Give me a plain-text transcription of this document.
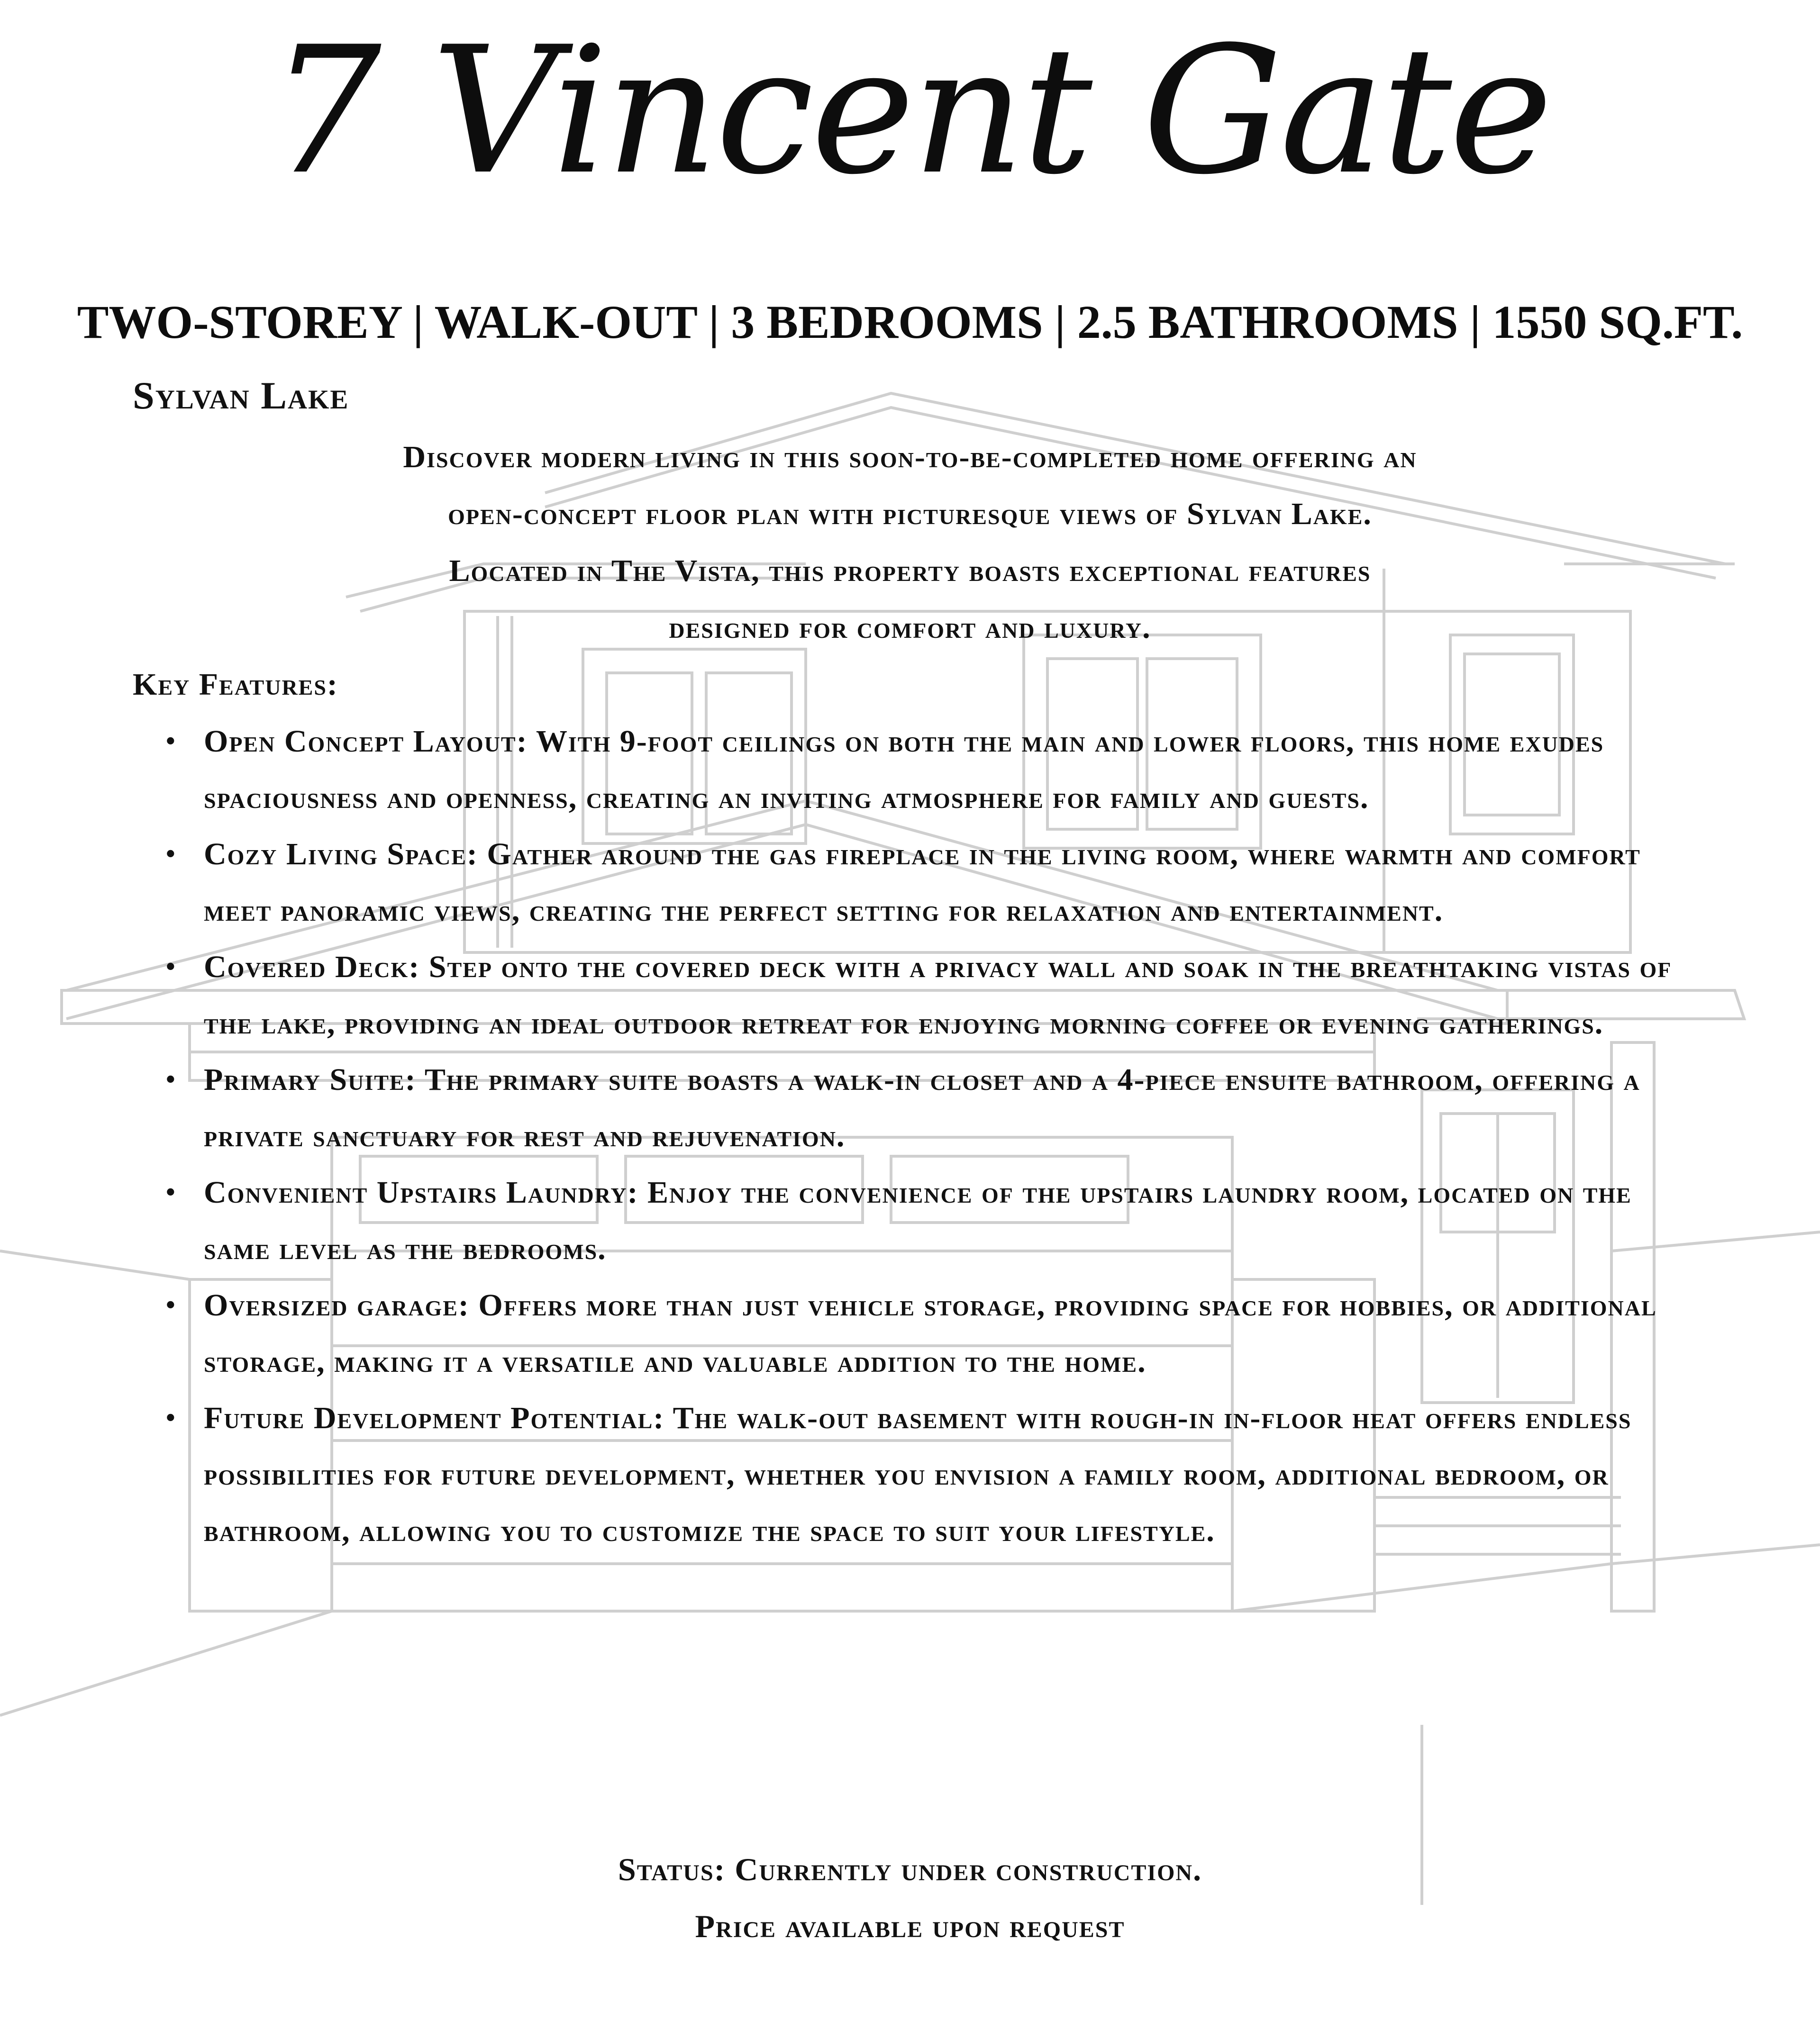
7 Vincent Gate
TWO-STOREY | WALK-OUT | 3 BEDROOMS | 2.5 BATHROOMS | 1550 SQ.FT.
Sylvan Lake
Discover modern living in this soon-to-be-completed home offering an
open-concept floor plan with picturesque views of Sylvan Lake.
Located in The Vista, this property boasts exceptional features
designed for comfort and luxury.
Key Features:
• Open Concept Layout: With 9-foot ceilings on both the main and lower floors, this home exudes spaciousness and openness, creating an inviting atmosphere for family and guests.
• Cozy Living Space: Gather around the gas fireplace in the living room, where warmth and comfort meet panoramic views, creating the perfect setting for relaxation and entertainment.
• Covered Deck: Step onto the covered deck with a privacy wall and soak in the breathtaking vistas of the lake, providing an ideal outdoor retreat for enjoying morning coffee or evening gatherings.
• Primary Suite: The primary suite boasts a walk-in closet and a 4-piece ensuite bathroom, offering a private sanctuary for rest and rejuvenation.
• Convenient Upstairs Laundry: Enjoy the convenience of the upstairs laundry room, located on the same level as the bedrooms.
• Oversized garage: Offers more than just vehicle storage, providing space for hobbies, or additional storage, making it a versatile and valuable addition to the home.
• Future Development Potential: The walk-out basement with rough-in in-floor heat offers endless possibilities for future development, whether you envision a family room, additional bedroom, or bathroom, allowing you to customize the space to suit your lifestyle.
Status: Currently under construction.
Price available upon request
